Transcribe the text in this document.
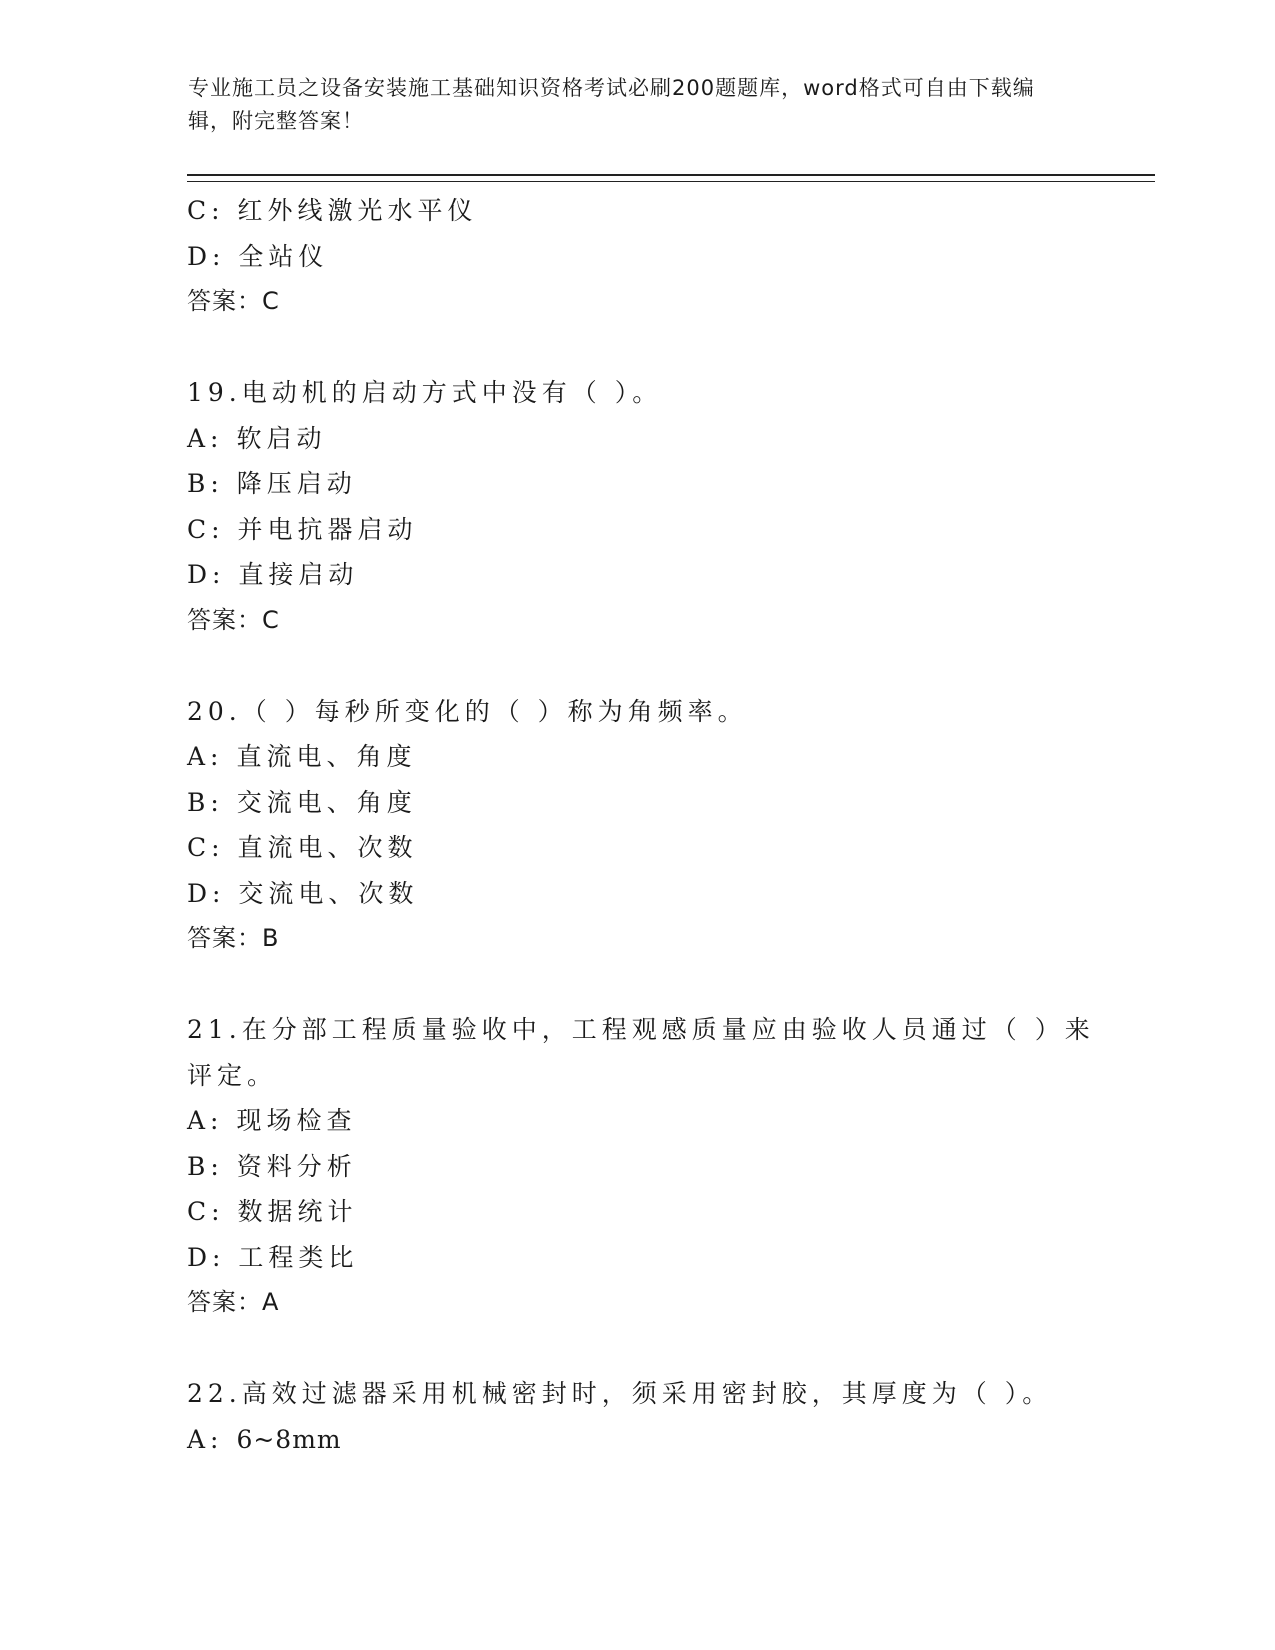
专业施工员之设备安装施工基础知识资格考试必刷200题题库，word格式可自由下载编辑，附完整答案！
C: 红外线激光水平仪
D: 全站仪
答案：C
19.电动机的启动方式中没有（ ）。
A: 软启动
B: 降压启动
C: 并电抗器启动
D: 直接启动
答案：C
20.（ ）每秒所变化的（ ）称为角频率。
A: 直流电、角度
B: 交流电、角度
C: 直流电、次数
D: 交流电、次数
答案：B
21.在分部工程质量验收中，工程观感质量应由验收人员通过（ ）来
评定。
A: 现场检查
B: 资料分析
C: 数据统计
D: 工程类比
答案：A
22.高效过滤器采用机械密封时，须采用密封胶，其厚度为（ ）。
A: 6~8mm
